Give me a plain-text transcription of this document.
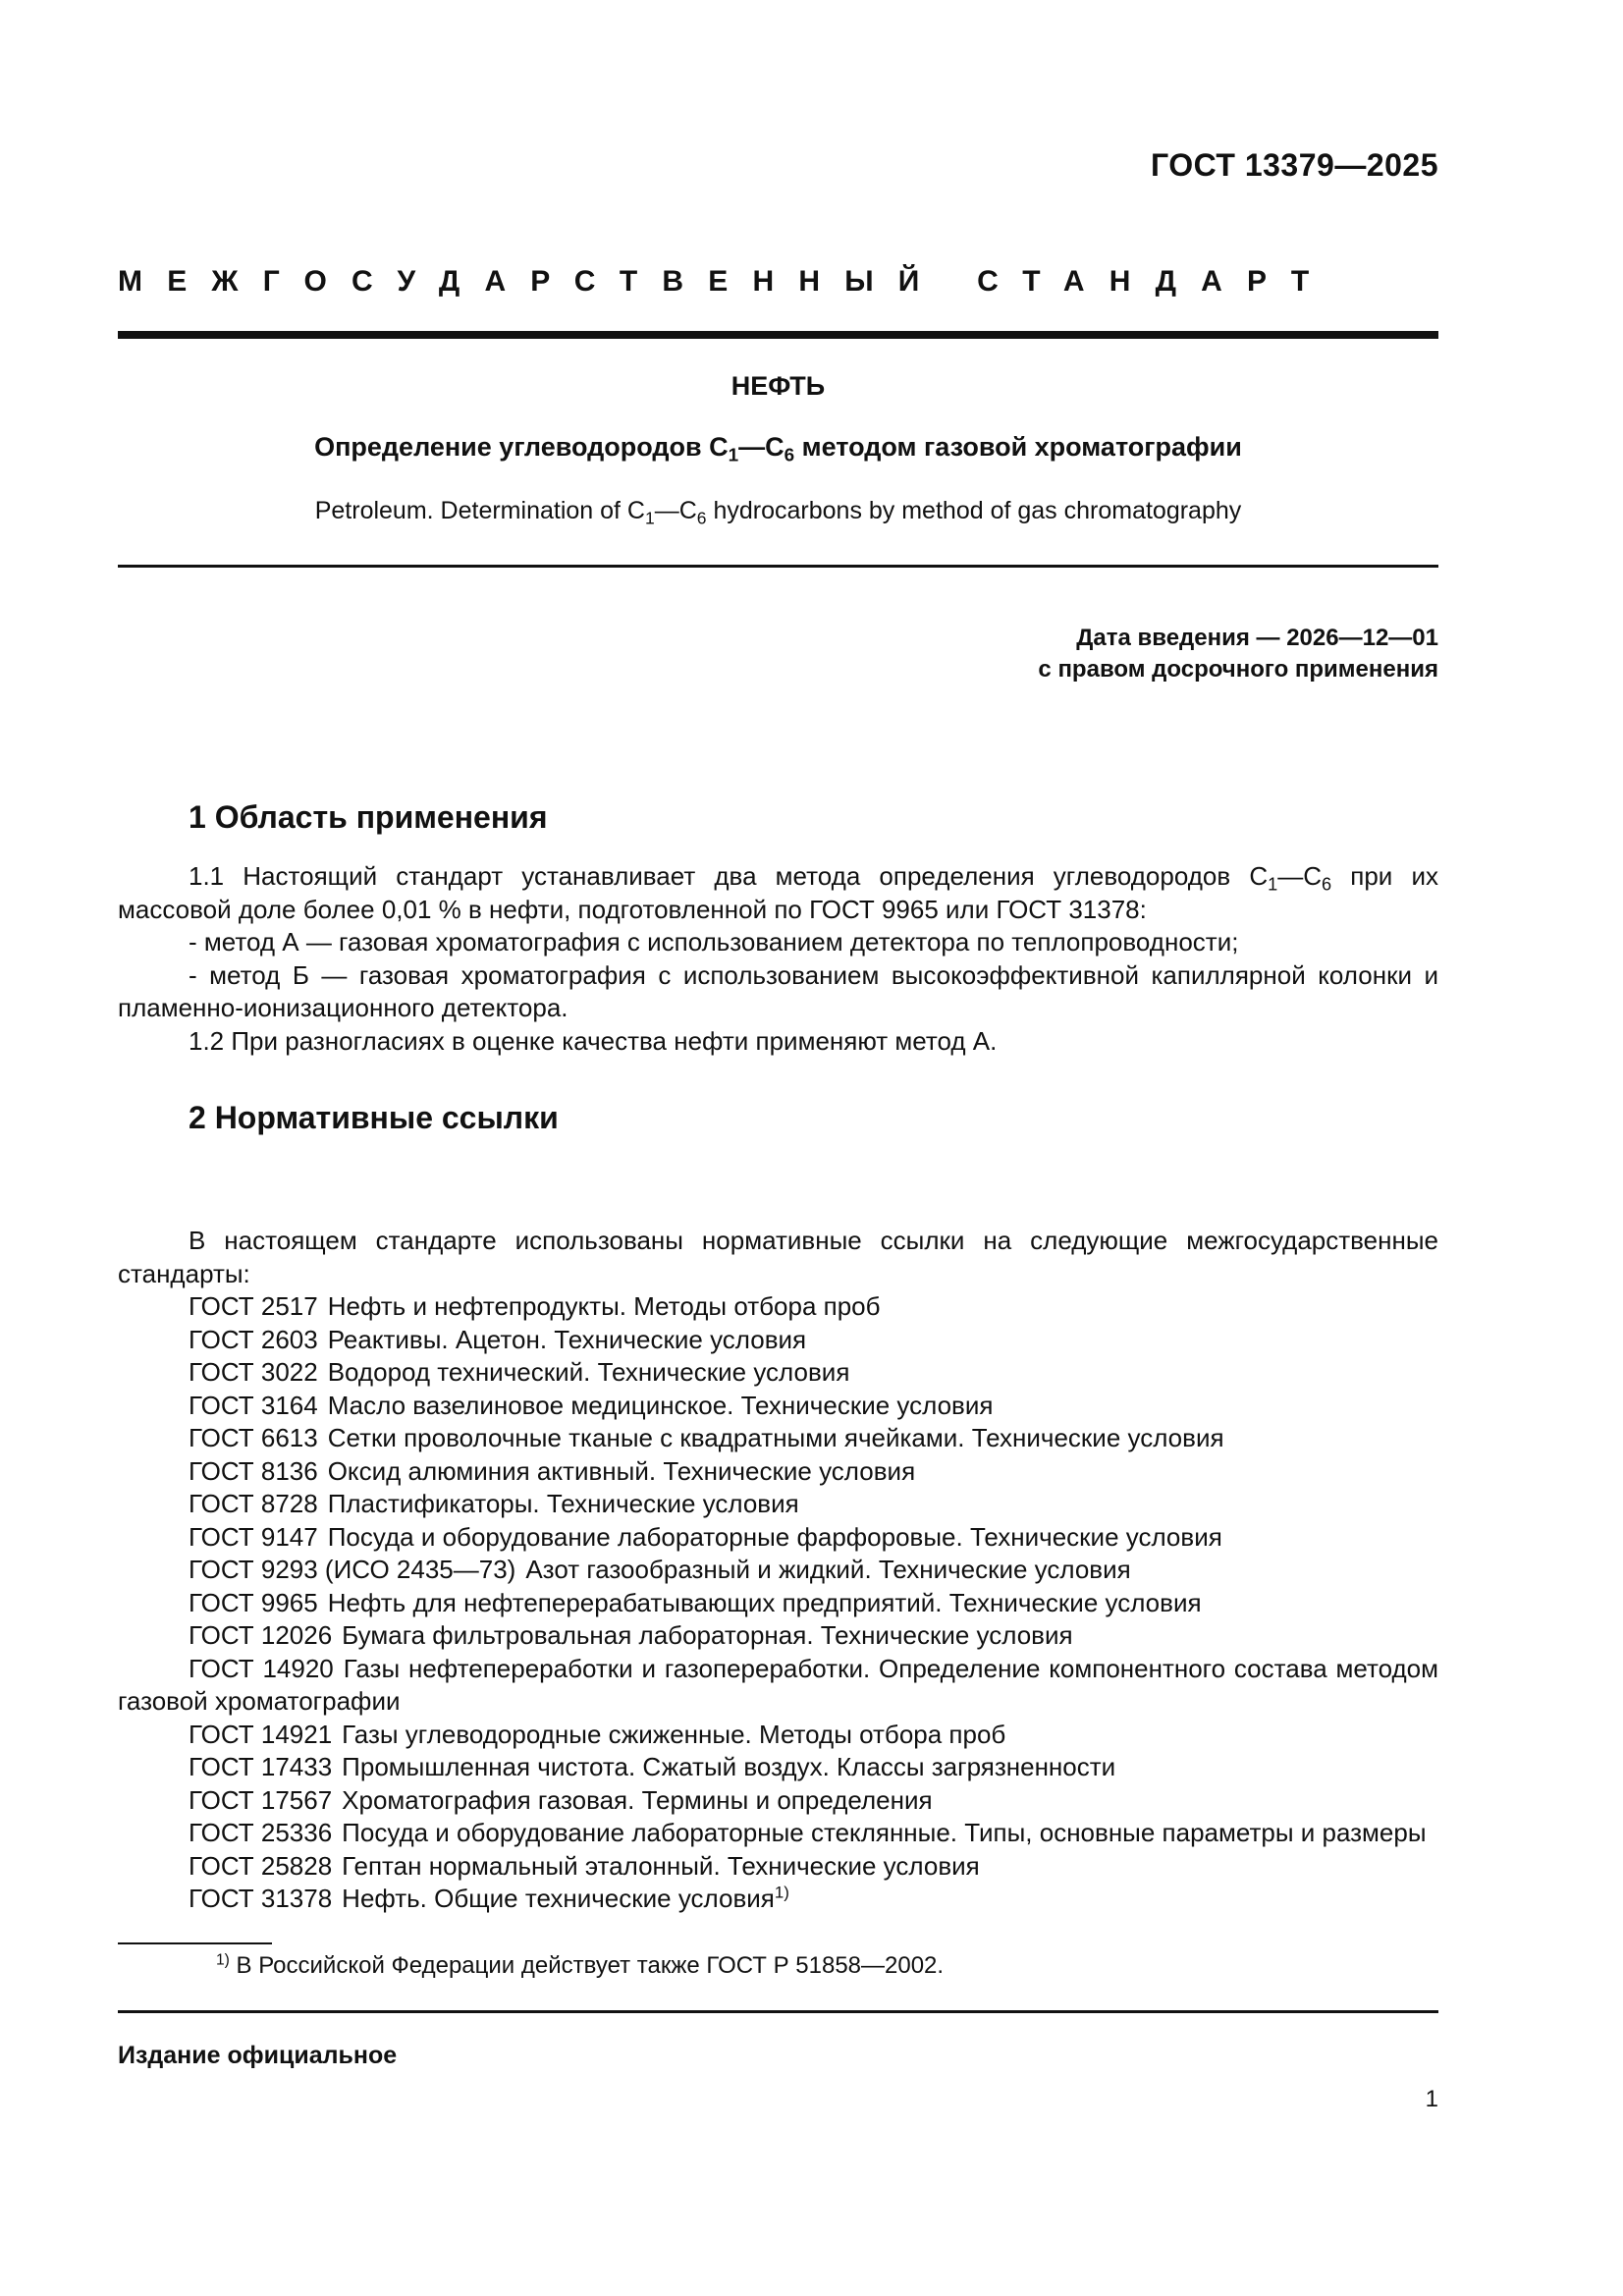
ГОСТ 13379—2025
МЕЖГОСУДАРСТВЕННЫЙ СТАНДАРТ
НЕФТЬ
Определение углеводородов $С_1—С_6$ методом газовой хроматографии
Petroleum. Determination of $C_1—C_6$ hydrocarbons by method of gas chromatography
Дата введения — 2026—12—01
с правом досрочного применения
1 Область применения

1.1 Настоящий стандарт устанавливает два метода определения углеводородов $С_1—С_6$ при их массовой доле более 0,01 % в нефти, подготовленной по ГОСТ 9965 или ГОСТ 31378:

- метод А — газовая хроматография с использованием детектора по теплопроводности;

- метод Б — газовая хроматография с использованием высокоэффективной капиллярной колонки и пламенно-ионизационного детектора.

1.2 При разногласиях в оценке качества нефти применяют метод А.

2 Нормативные ссылки

В настоящем стандарте использованы нормативные ссылки на следующие межгосударственные стандарты:

ГОСТ 2517 Нефть и нефтепродукты. Методы отбора проб

ГОСТ 2603 Реактивы. Ацетон. Технические условия

ГОСТ 3022 Водород технический. Технические условия

ГОСТ 3164 Масло вазелиновое медицинское. Технические условия

ГОСТ 6613 Сетки проволочные тканые с квадратными ячейками. Технические условия

ГОСТ 8136 Оксид алюминия активный. Технические условия

ГОСТ 8728 Пластификаторы. Технические условия

ГОСТ 9147 Посуда и оборудование лабораторные фарфоровые. Технические условия

ГОСТ 9293 (ИСО 2435—73) Азот газообразный и жидкий. Технические условия

ГОСТ 9965 Нефть для нефтеперерабатывающих предприятий. Технические условия

ГОСТ 12026 Бумага фильтровальная лабораторная. Технические условия

ГОСТ 14920 Газы нефтепереработки и газопереработки. Определение компонентного состава методом газовой хроматографии

ГОСТ 14921 Газы углеводородные сжиженные. Методы отбора проб

ГОСТ 17433 Промышленная чистота. Сжатый воздух. Классы загрязненности

ГОСТ 17567 Хроматография газовая. Термины и определения

ГОСТ 25336 Посуда и оборудование лабораторные стеклянные. Типы, основные параметры и размеры

ГОСТ 25828 Гептан нормальный эталонный. Технические условия

ГОСТ 31378 Нефть. Общие технические условия$^{1)}$

$^{1)}$ В Российской Федерации действует также ГОСТ Р 51858—2002.
Издание официальное
1
